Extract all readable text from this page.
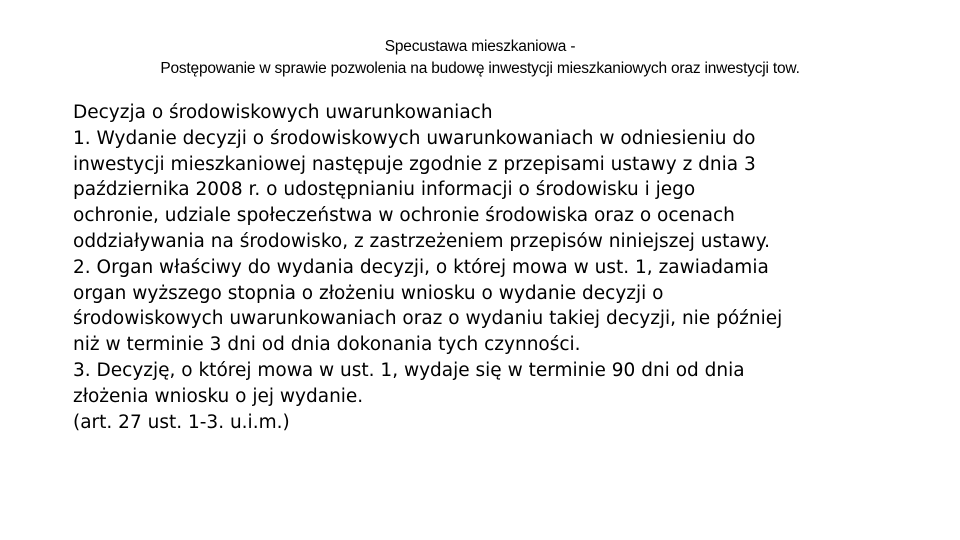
Specustawa mieszkaniowa -
Postępowanie w sprawie pozwolenia na budowę inwestycji mieszkaniowych oraz inwestycji tow.
Decyzja o środowiskowych uwarunkowaniach
1. Wydanie decyzji o środowiskowych uwarunkowaniach w odniesieniu do
inwestycji mieszkaniowej następuje zgodnie z przepisami ustawy z dnia 3
października 2008 r. o udostępnianiu informacji o środowisku i jego
ochronie, udziale społeczeństwa w ochronie środowiska oraz o ocenach
oddziaływania na środowisko, z zastrzeżeniem przepisów niniejszej ustawy.
2. Organ właściwy do wydania decyzji, o której mowa w ust. 1, zawiadamia
organ wyższego stopnia o złożeniu wniosku o wydanie decyzji o
środowiskowych uwarunkowaniach oraz o wydaniu takiej decyzji, nie później
niż w terminie 3 dni od dnia dokonania tych czynności.
3. Decyzję, o której mowa w ust. 1, wydaje się w terminie 90 dni od dnia
złożenia wniosku o jej wydanie.
(art. 27 ust. 1-3. u.i.m.)
